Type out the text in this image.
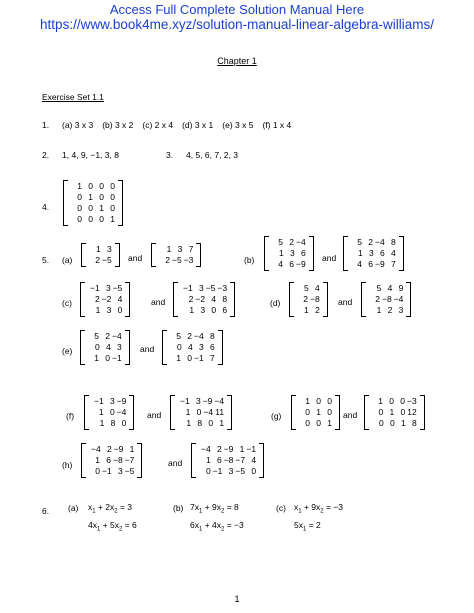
Access Full Complete Solution Manual Here
https://www.book4me.xyz/solution-manual-linear-algebra-williams/
Chapter 1
Exercise Set 1.1
1. (a) 3 x 3 (b) 3 x 2 (c) 2 x 4 (d) 3 x 1 (e) 3 x 5 (f) 1 x 4
2. 1, 4, 9, −1, 3, 8	3. 4, 5, 6, 7, 2, 3
4.
1 0 0 0
0 1 0 0
0 0 1 0
0 0 0 1
5. (a)
1 3
2 −5 and
1 3 7
2 −5 −3	(b)
5 2 −4
1 3 6
4 6 −9
and
5 2 −4 8
1 3 6 4
4 6 −9 7
(c)
−1 3 −5
2 −2 4
1 3 0
and
−1 3 −5 −3
2 −2 4 8
1 3 0 6
(d)
5 4
2 −8
1 2
and
5 4 9
2 −8 −4
1 2 3
(e)
5 2 −4
0 4 3
1 0 −1
and
5 2 −4 8
0 4 3 6
1 0 −1 7
(f)
−1 3 −9
1 0 −4
1 8 0
and
−1 3 −9 −4
1 0 −4 11
1 8 0 1
(g)
1 0 0
0 1 0
0 0 1
and
1 0 0 −3
0 1 0 12
0 0 1 8
(h)
−4 2 −9 1
1 6 −8 −7
0 −1 3 −5
and
−4 2 −9 1 −1
1 6 −8 −7 4
0 −1 3 −5 0
6. (a) $x_1 + 2x_2 = 3$
$4x_1 + 5x_2 = 6$
(b) $7x_1 + 9x_2 = 8$
$6x_1 + 4x_2 = -3$
(c) $x_1 + 9x_2 = -3$
$5x_1 = 2$
1
